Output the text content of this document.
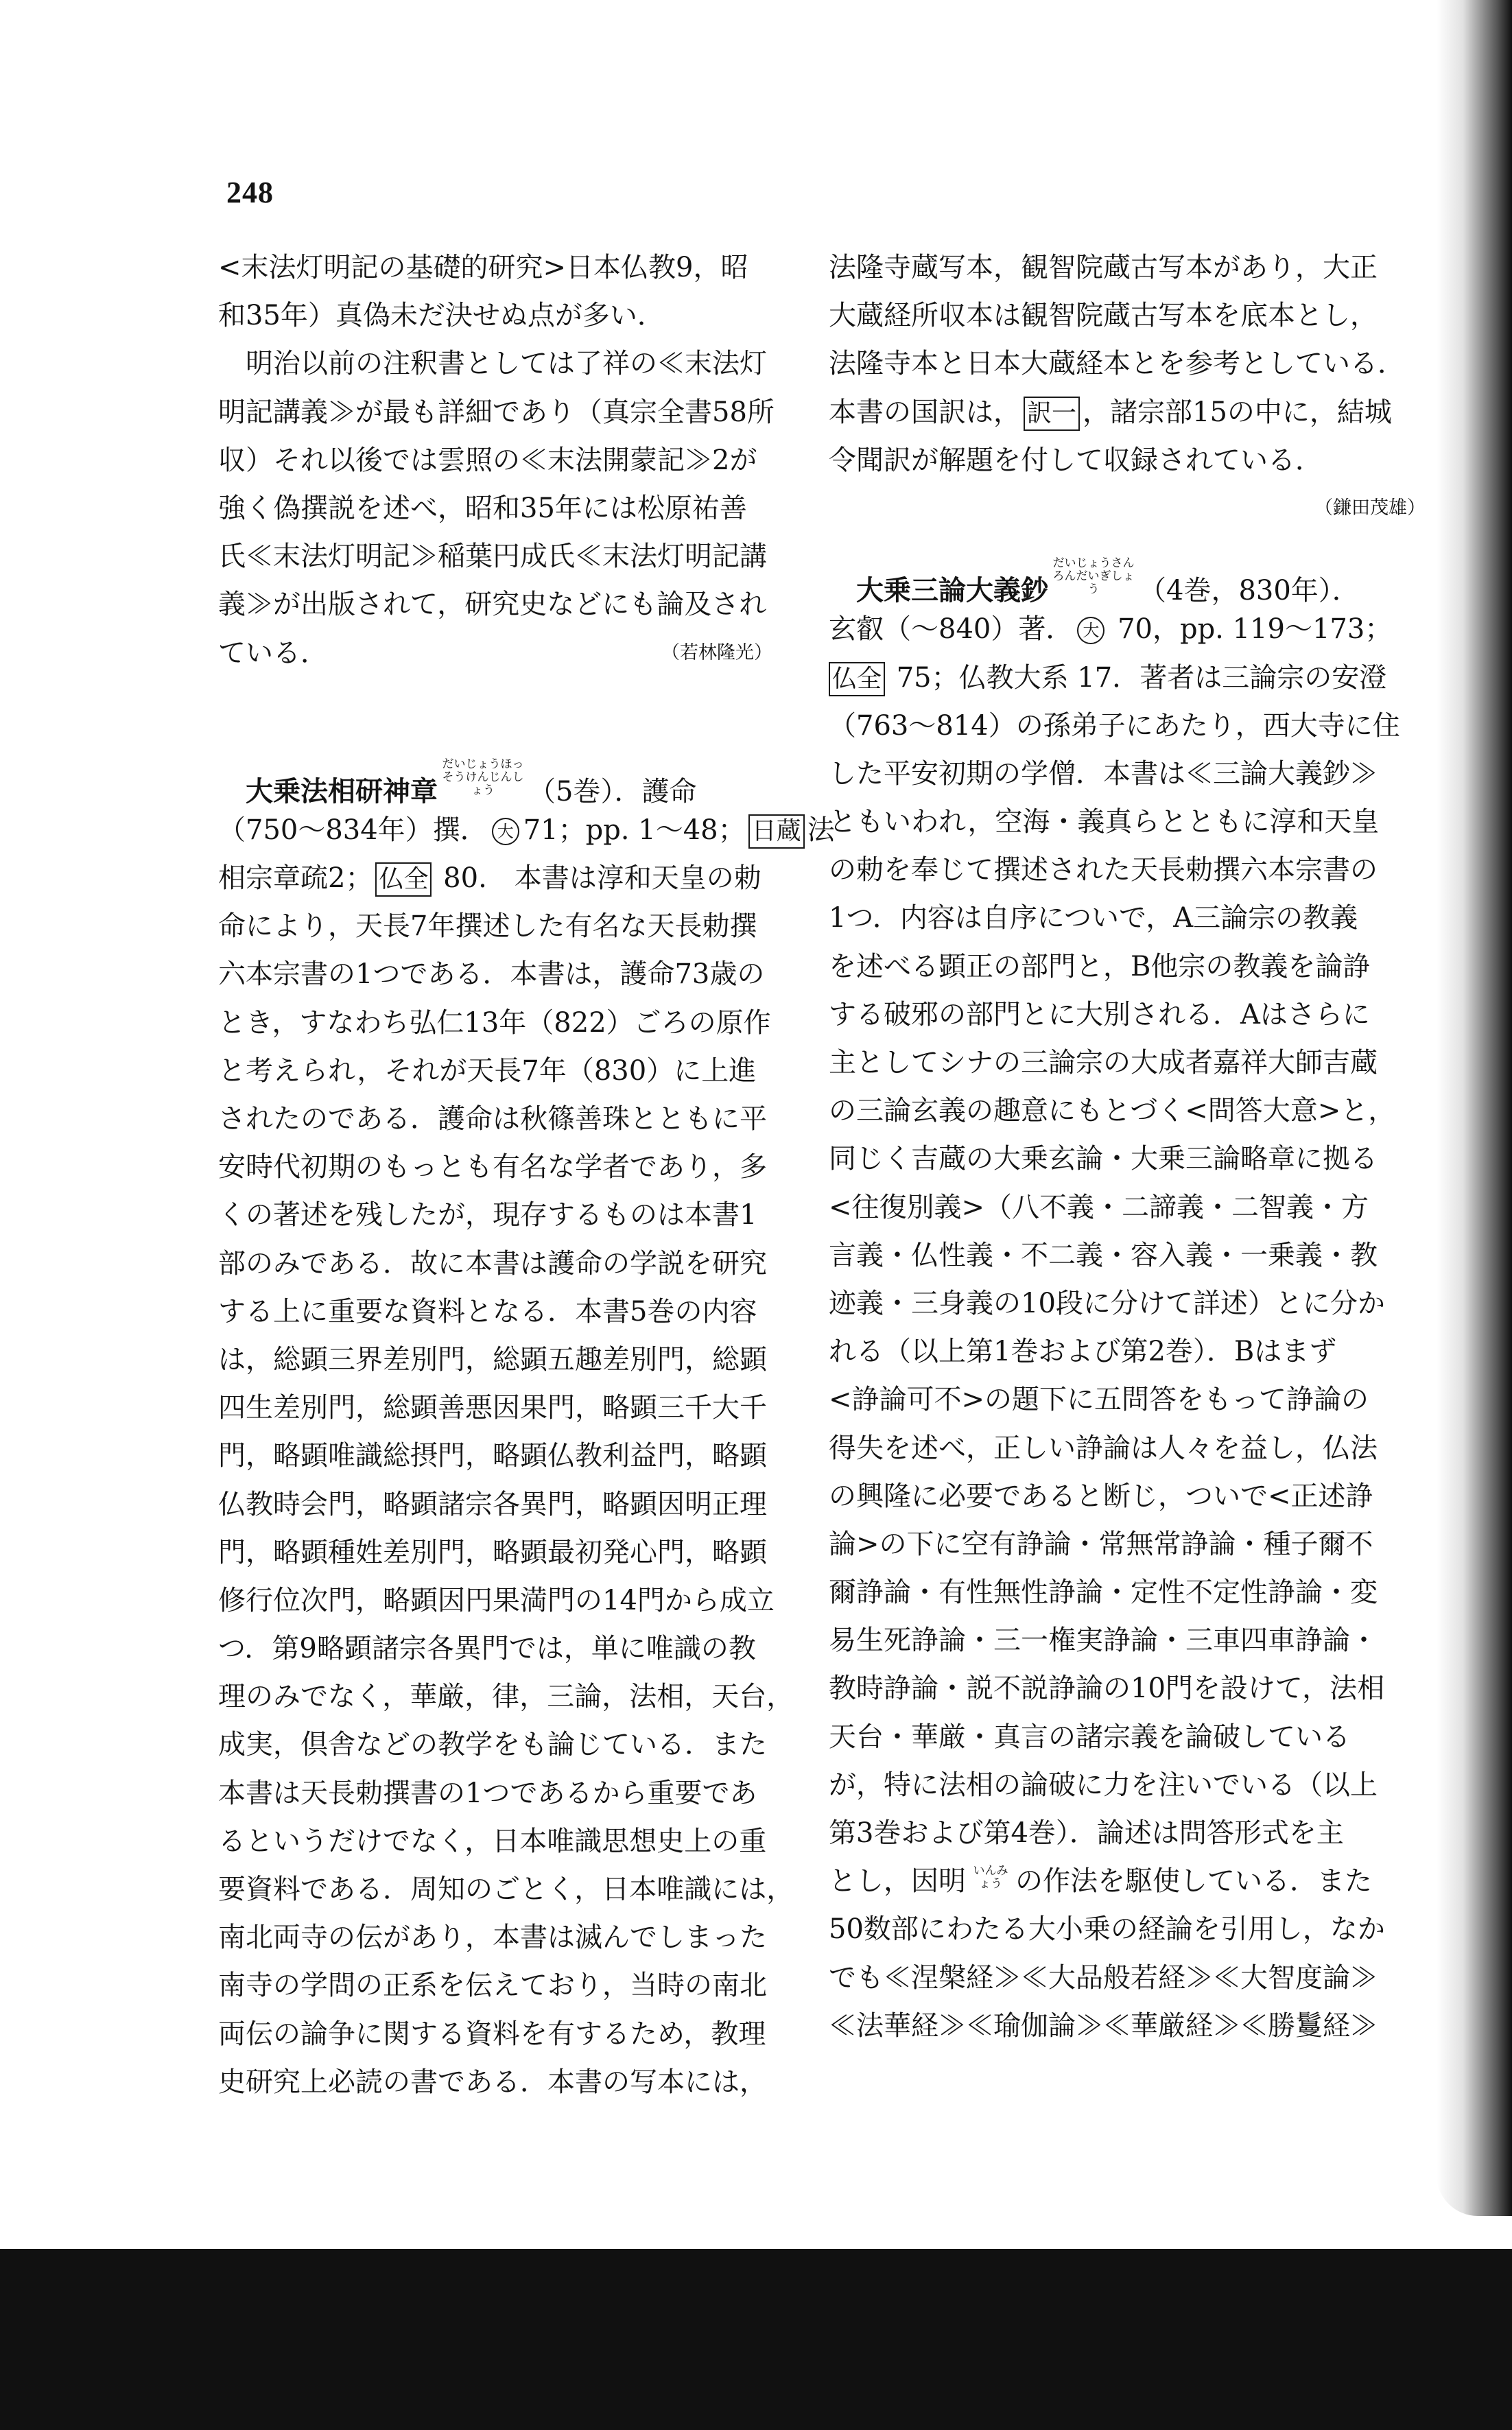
248
<末法灯明記の基礎的研究>日本仏教9，昭
和35年）真偽未だ決せぬ点が多い．
明治以前の注釈書としては了祥の≪末法灯
明記講義≫が最も詳細であり（真宗全書58所
収）それ以後では雲照の≪末法開蒙記≫2が
強く偽撰説を述べ，昭和35年には松原祐善
氏≪末法灯明記≫稲葉円成氏≪末法灯明記講
義≫が出版されて，研究史などにも論及され
ている．	（若林隆光）
大乗法相研神章だいじょうほっそうけんじんしょう （5巻）．護命
（750～834年）撰． 大 71；pp. 1～48； 日蔵 法
相宗章疏2； 仏全 80.　本書は淳和天皇の勅
命により，天長7年撰述した有名な天長勅撰
六本宗書の1つである．本書は，護命73歳の
とき，すなわち弘仁13年（822）ごろの原作
と考えられ，それが天長7年（830）に上進
されたのである．護命は秋篠善珠とともに平
安時代初期のもっとも有名な学者であり，多
くの著述を残したが，現存するものは本書1
部のみである．故に本書は護命の学説を研究
する上に重要な資料となる．本書5巻の内容
は，総顕三界差別門，総顕五趣差別門，総顕
四生差別門，総顕善悪因果門，略顕三千大千
門，略顕唯識総摂門，略顕仏教利益門，略顕
仏教時会門，略顕諸宗各異門，略顕因明正理
門，略顕種姓差別門，略顕最初発心門，略顕
修行位次門，略顕因円果満門の14門から成立
つ．第9略顕諸宗各異門では，単に唯識の教
理のみでなく，華厳，律，三論，法相，天台，
成実，倶舎などの教学をも論じている．また
本書は天長勅撰書の1つであるから重要であ
るというだけでなく，日本唯識思想史上の重
要資料である．周知のごとく，日本唯識には，
南北両寺の伝があり，本書は滅んでしまった
南寺の学問の正系を伝えており，当時の南北
両伝の論争に関する資料を有するため，教理
史研究上必読の書である．本書の写本には，
法隆寺蔵写本，観智院蔵古写本があり，大正
大蔵経所収本は観智院蔵古写本を底本とし，
法隆寺本と日本大蔵経本とを参考としている．
本書の国訳は， 訳一 ，諸宗部15の中に，結城
令聞訳が解題を付して収録されている．
（鎌田茂雄）
大乗三論大義鈔だいじょうさんろんだいぎしょう （4巻，830年）．
玄叡（～840）著． 大 70，pp. 119～173；
仏全 75；仏教大系 17．著者は三論宗の安澄
（763～814）の孫弟子にあたり，西大寺に住
した平安初期の学僧．本書は≪三論大義鈔≫
ともいわれ，空海・義真らとともに淳和天皇
の勅を奉じて撰述された天長勅撰六本宗書の
1つ．内容は自序についで，A三論宗の教義
を述べる顕正の部門と，B他宗の教義を論諍
する破邪の部門とに大別される．Aはさらに
主としてシナの三論宗の大成者嘉祥大師吉蔵
の三論玄義の趣意にもとづく<問答大意>と，
同じく吉蔵の大乗玄論・大乗三論略章に拠る
<往復別義>（八不義・二諦義・二智義・方
言義・仏性義・不二義・容入義・一乗義・教
迹義・三身義の10段に分けて詳述）とに分か
れる（以上第1巻および第2巻）．Bはまず
<諍論可不>の題下に五問答をもって諍論の
得失を述べ，正しい諍論は人々を益し，仏法
の興隆に必要であると断じ，ついで<正述諍
論>の下に空有諍論・常無常諍論・種子爾不
爾諍論・有性無性諍論・定性不定性諍論・変
易生死諍論・三一権実諍論・三車四車諍論・
教時諍論・説不説諍論の10門を設けて，法相
天台・華厳・真言の諸宗義を論破している
が，特に法相の論破に力を注いでいる（以上
第3巻および第4巻）．論述は問答形式を主
とし，因明 いんみょう の作法を駆使している．また
50数部にわたる大小乗の経論を引用し，なか
でも≪涅槃経≫≪大品般若経≫≪大智度論≫
≪法華経≫≪瑜伽論≫≪華厳経≫≪勝鬘経≫
